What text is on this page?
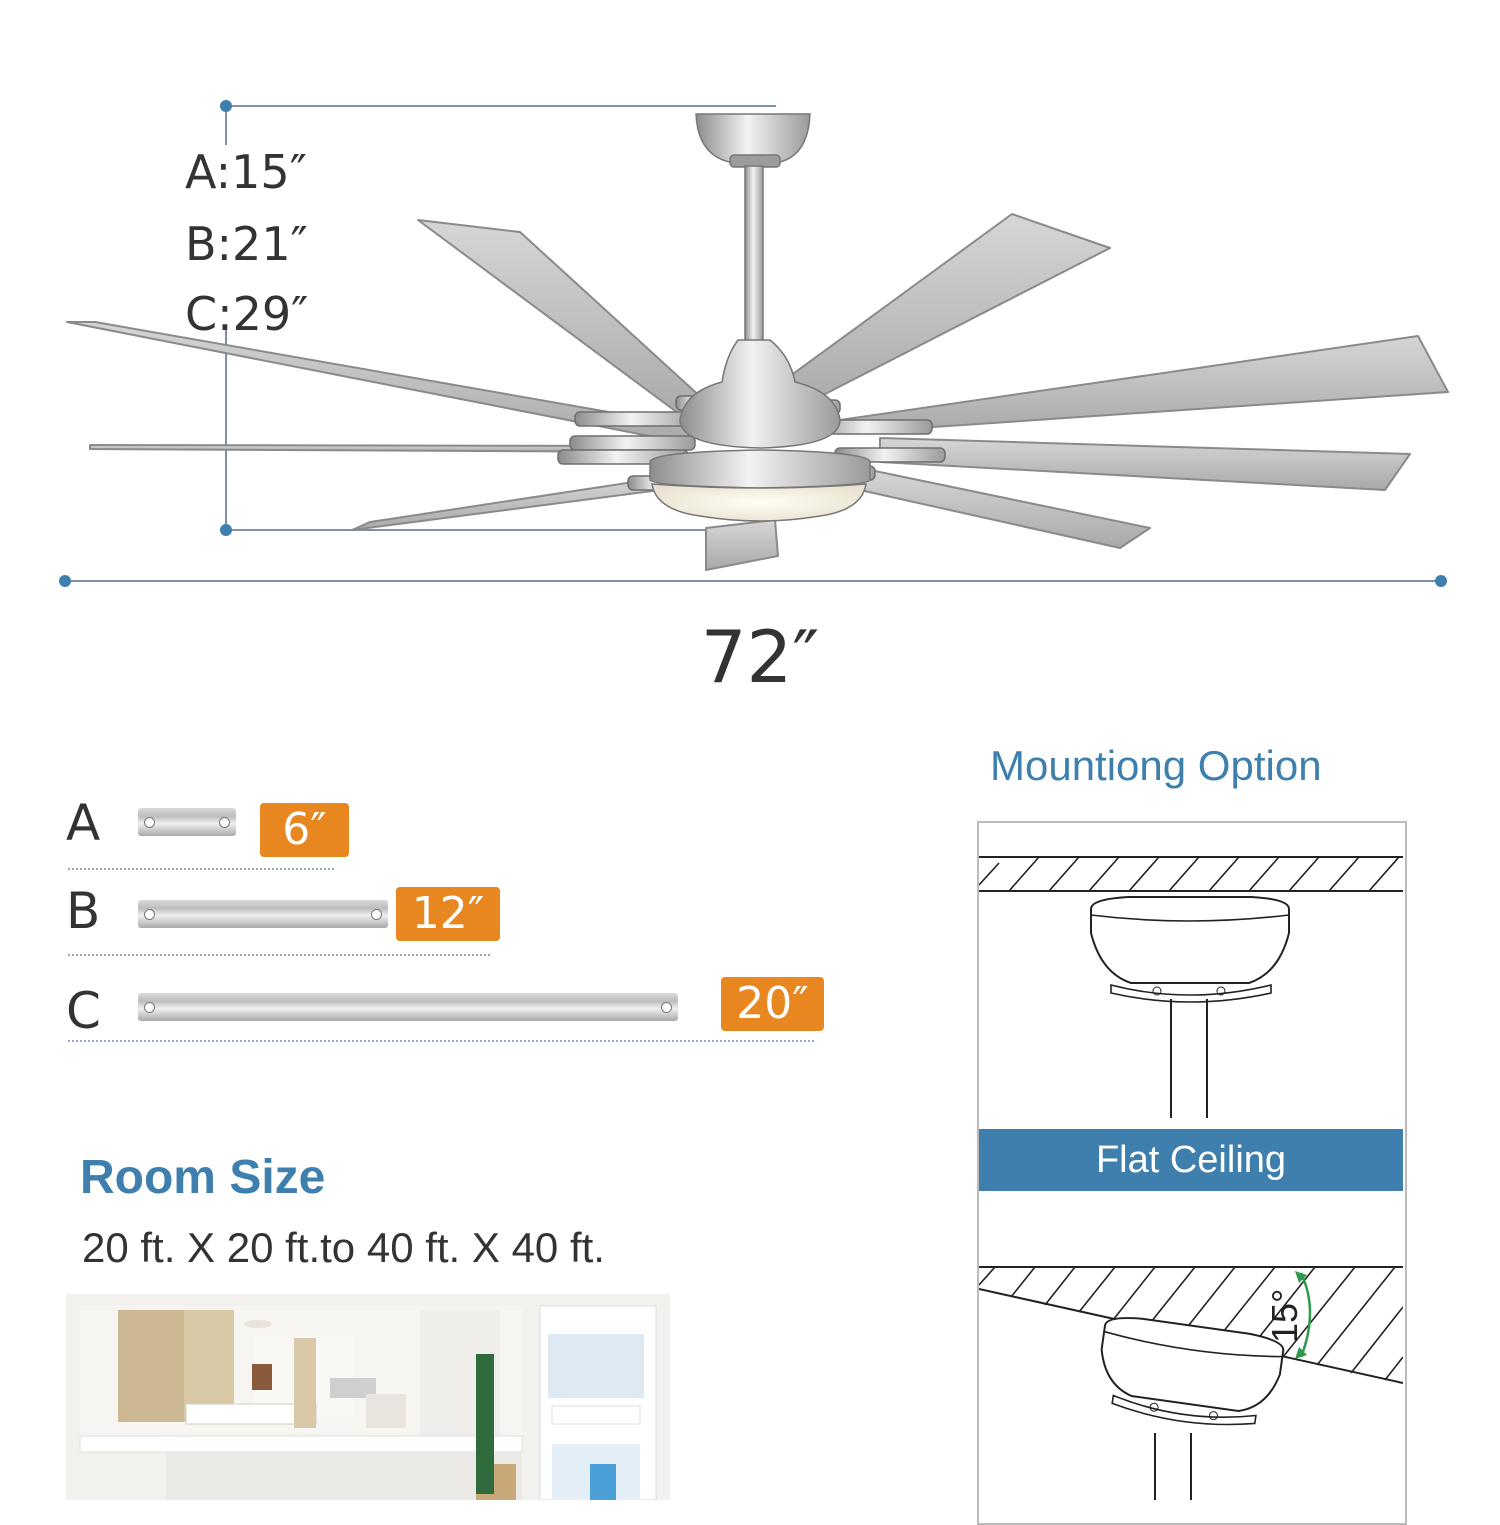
A:15″
B:21″
C:29″
72″
A	6″
B	12″
C	20″
Room Size
20 ft. X 20 ft.to 40 ft. X 40 ft.
Mountiong Option
Flat Ceiling
15°
